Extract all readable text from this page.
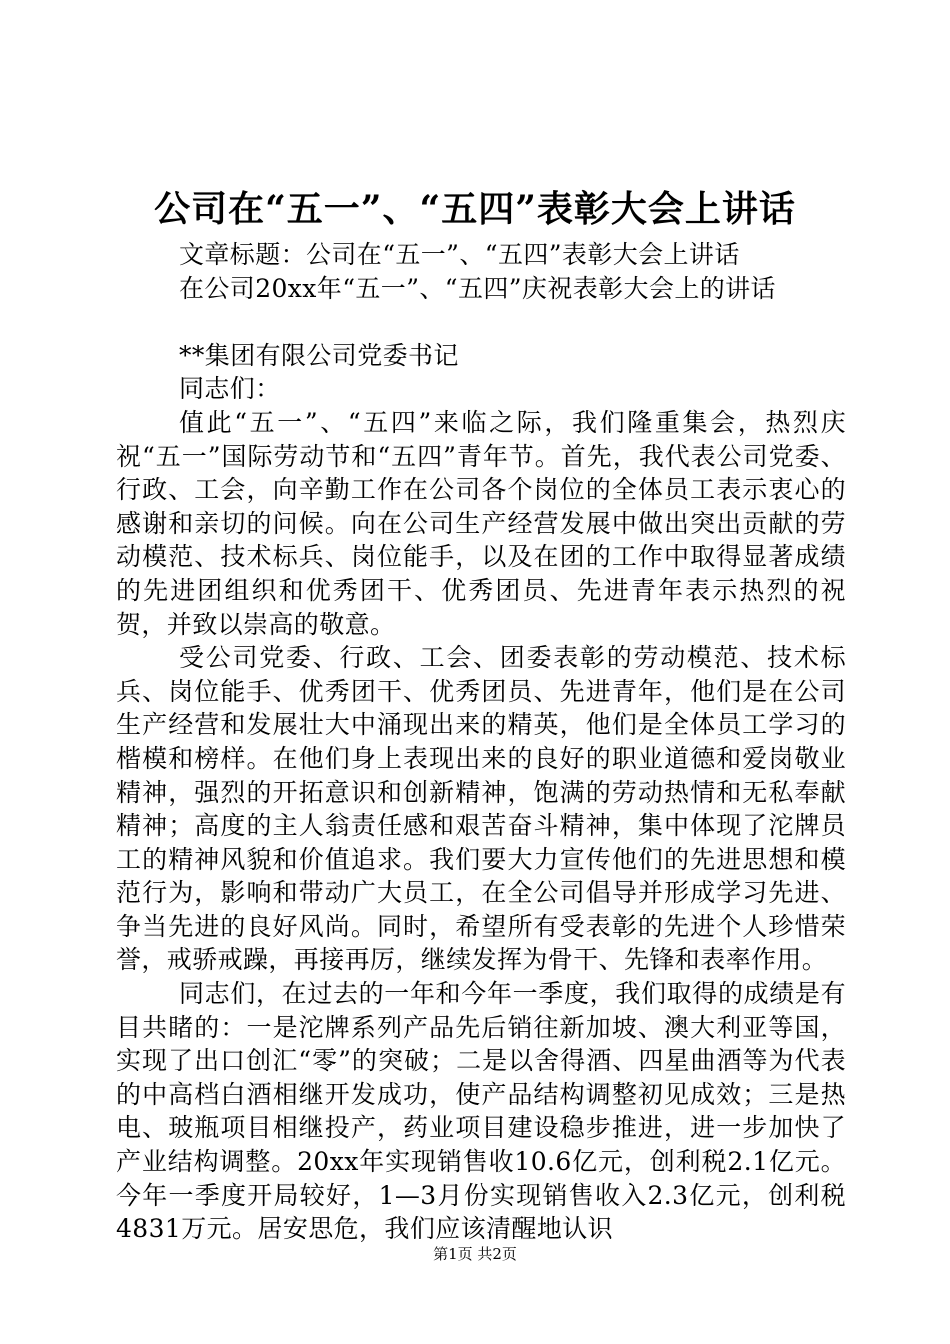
公司在“五一”、“五四”表彰大会上讲话

文章标题：公司在“五一”、“五四”表彰大会上讲话

在公司20xx年“五一”、“五四”庆祝表彰大会上的讲话

**集团有限公司党委书记

同志们：

值此“五一”、“五四”来临之际，我们隆重集会，热烈庆祝“五一”国际劳动节和“五四”青年节。首先，我代表公司党委、行政、工会，向辛勤工作在公司各个岗位的全体员工表示衷心的感谢和亲切的问候。向在公司生产经营发展中做出突出贡献的劳动模范、技术标兵、岗位能手，以及在团的工作中取得显著成绩的先进团组织和优秀团干、优秀团员、先进青年表示热烈的祝贺，并致以崇高的敬意。

受公司党委、行政、工会、团委表彰的劳动模范、技术标兵、岗位能手、优秀团干、优秀团员、先进青年，他们是在公司生产经营和发展壮大中涌现出来的精英，他们是全体员工学习的楷模和榜样。在他们身上表现出来的良好的职业道德和爱岗敬业精神，强烈的开拓意识和创新精神，饱满的劳动热情和无私奉献精神；高度的主人翁责任感和艰苦奋斗精神，集中体现了沱牌员工的精神风貌和价值追求。我们要大力宣传他们的先进思想和模范行为，影响和带动广大员工，在全公司倡导并形成学习先进、争当先进的良好风尚。同时，希望所有受表彰的先进个人珍惜荣誉，戒骄戒躁，再接再厉，继续发挥为骨干、先锋和表率作用。

同志们，在过去的一年和今年一季度，我们取得的成绩是有目共睹的：一是沱牌系列产品先后销往新加坡、澳大利亚等国，实现了出口创汇“零”的突破；二是以舍得酒、四星曲酒等为代表的中高档白酒相继开发成功，使产品结构调整初见成效；三是热电、玻瓶项目相继投产，药业项目建设稳步推进，进一步加快了产业结构调整。20xx年实现销售收10.6亿元，创利税2.1亿元。今年一季度开局较好，1—3月份实现销售收入2.3亿元，创利税4831万元。居安思危，我们应该清醒地认识

第1页 共2页
